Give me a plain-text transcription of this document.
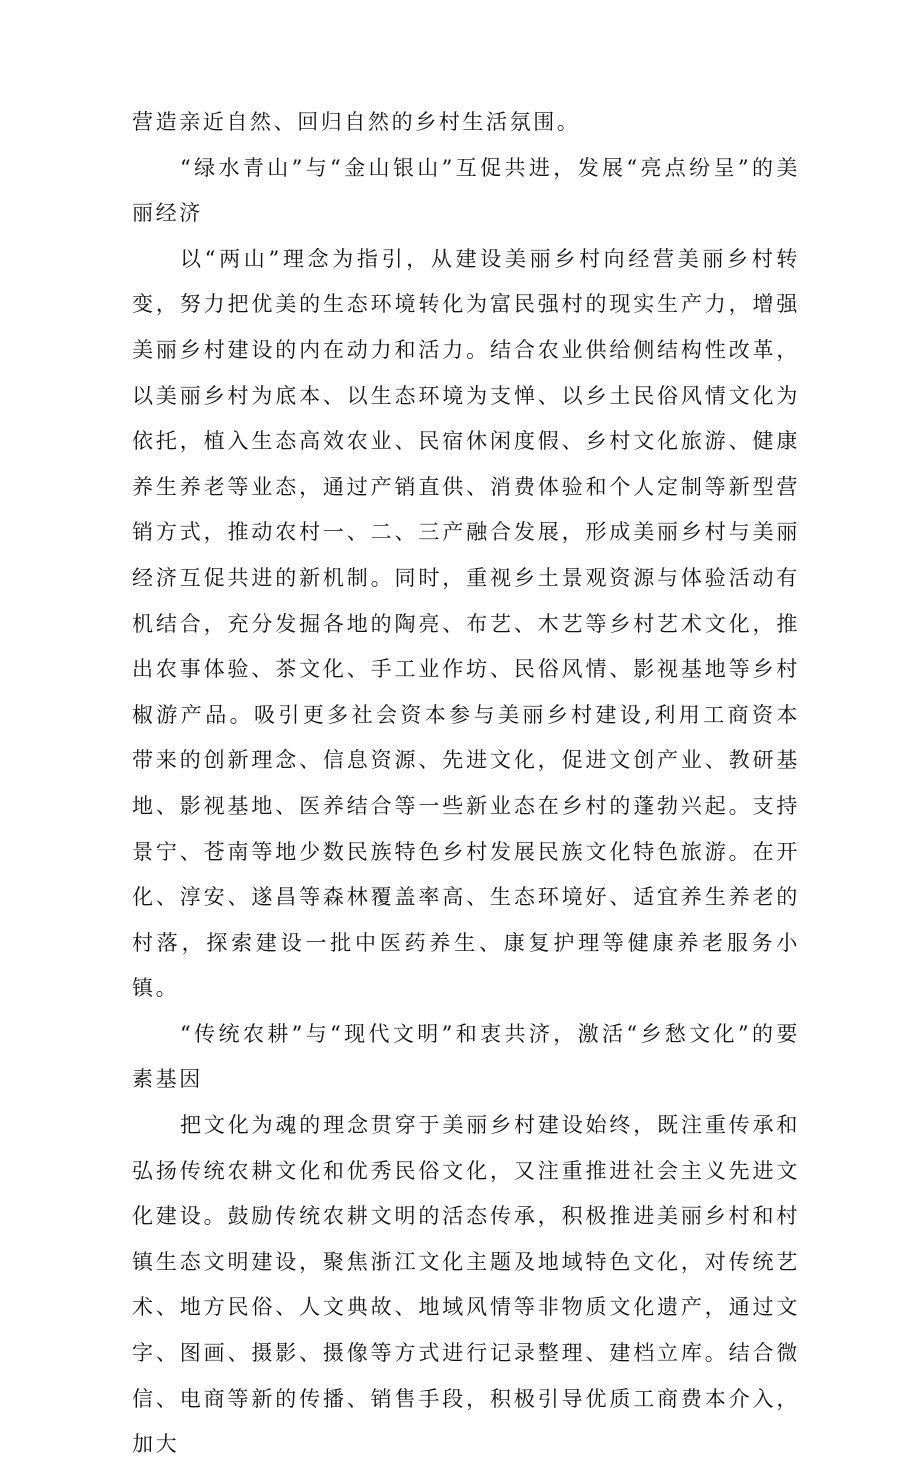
营造亲近自然、回归自然的乡村生活氛围。

“绿水青山”与“金山银山”互促共进，发展“亮点纷呈”的美丽经济

以“两山”理念为指引，从建设美丽乡村向经营美丽乡村转变，努力把优美的生态环境转化为富民强村的现实生产力，增强美丽乡村建设的内在动力和活力。结合农业供给侧结构性改革，以美丽乡村为底本、以生态环境为支惮、以乡土民俗风情文化为依托，植入生态高效农业、民宿休闲度假、乡村文化旅游、健康养生养老等业态，通过产销直供、消费体验和个人定制等新型营销方式，推动农村一、二、三产融合发展，形成美丽乡村与美丽经济互促共进的新机制。同时，重视乡土景观资源与体验活动有机结合，充分发掘各地的陶亮、布艺、木艺等乡村艺术文化，推出农事体验、茶文化、手工业作坊、民俗风情、影视基地等乡村椒游产品。吸引更多社会资本参与美丽乡村建设,利用工商资本带来的创新理念、信息资源、先进文化，促进文创产业、教研基地、影视基地、医养结合等一些新业态在乡村的蓬勃兴起。支持景宁、苍南等地少数民族特色乡村发展民族文化特色旅游。在开化、淳安、遂昌等森林覆盖率高、生态环境好、适宜养生养老的村落，探索建设一批中医药养生、康复护理等健康养老服务小镇。

“传统农耕”与“现代文明”和衷共济，激活“乡愁文化”的要素基因

把文化为魂的理念贯穿于美丽乡村建设始终，既注重传承和弘扬传统农耕文化和优秀民俗文化，又注重推进社会主义先进文化建设。鼓励传统农耕文明的活态传承，积极推进美丽乡村和村镇生态文明建设，聚焦浙江文化主题及地域特色文化，对传统艺术、地方民俗、人文典故、地域风情等非物质文化遗产，通过文字、图画、摄影、摄像等方式进行记录整理、建档立库。结合微信、电商等新的传播、销售手段，积极引导优质工商费本介入，加大
